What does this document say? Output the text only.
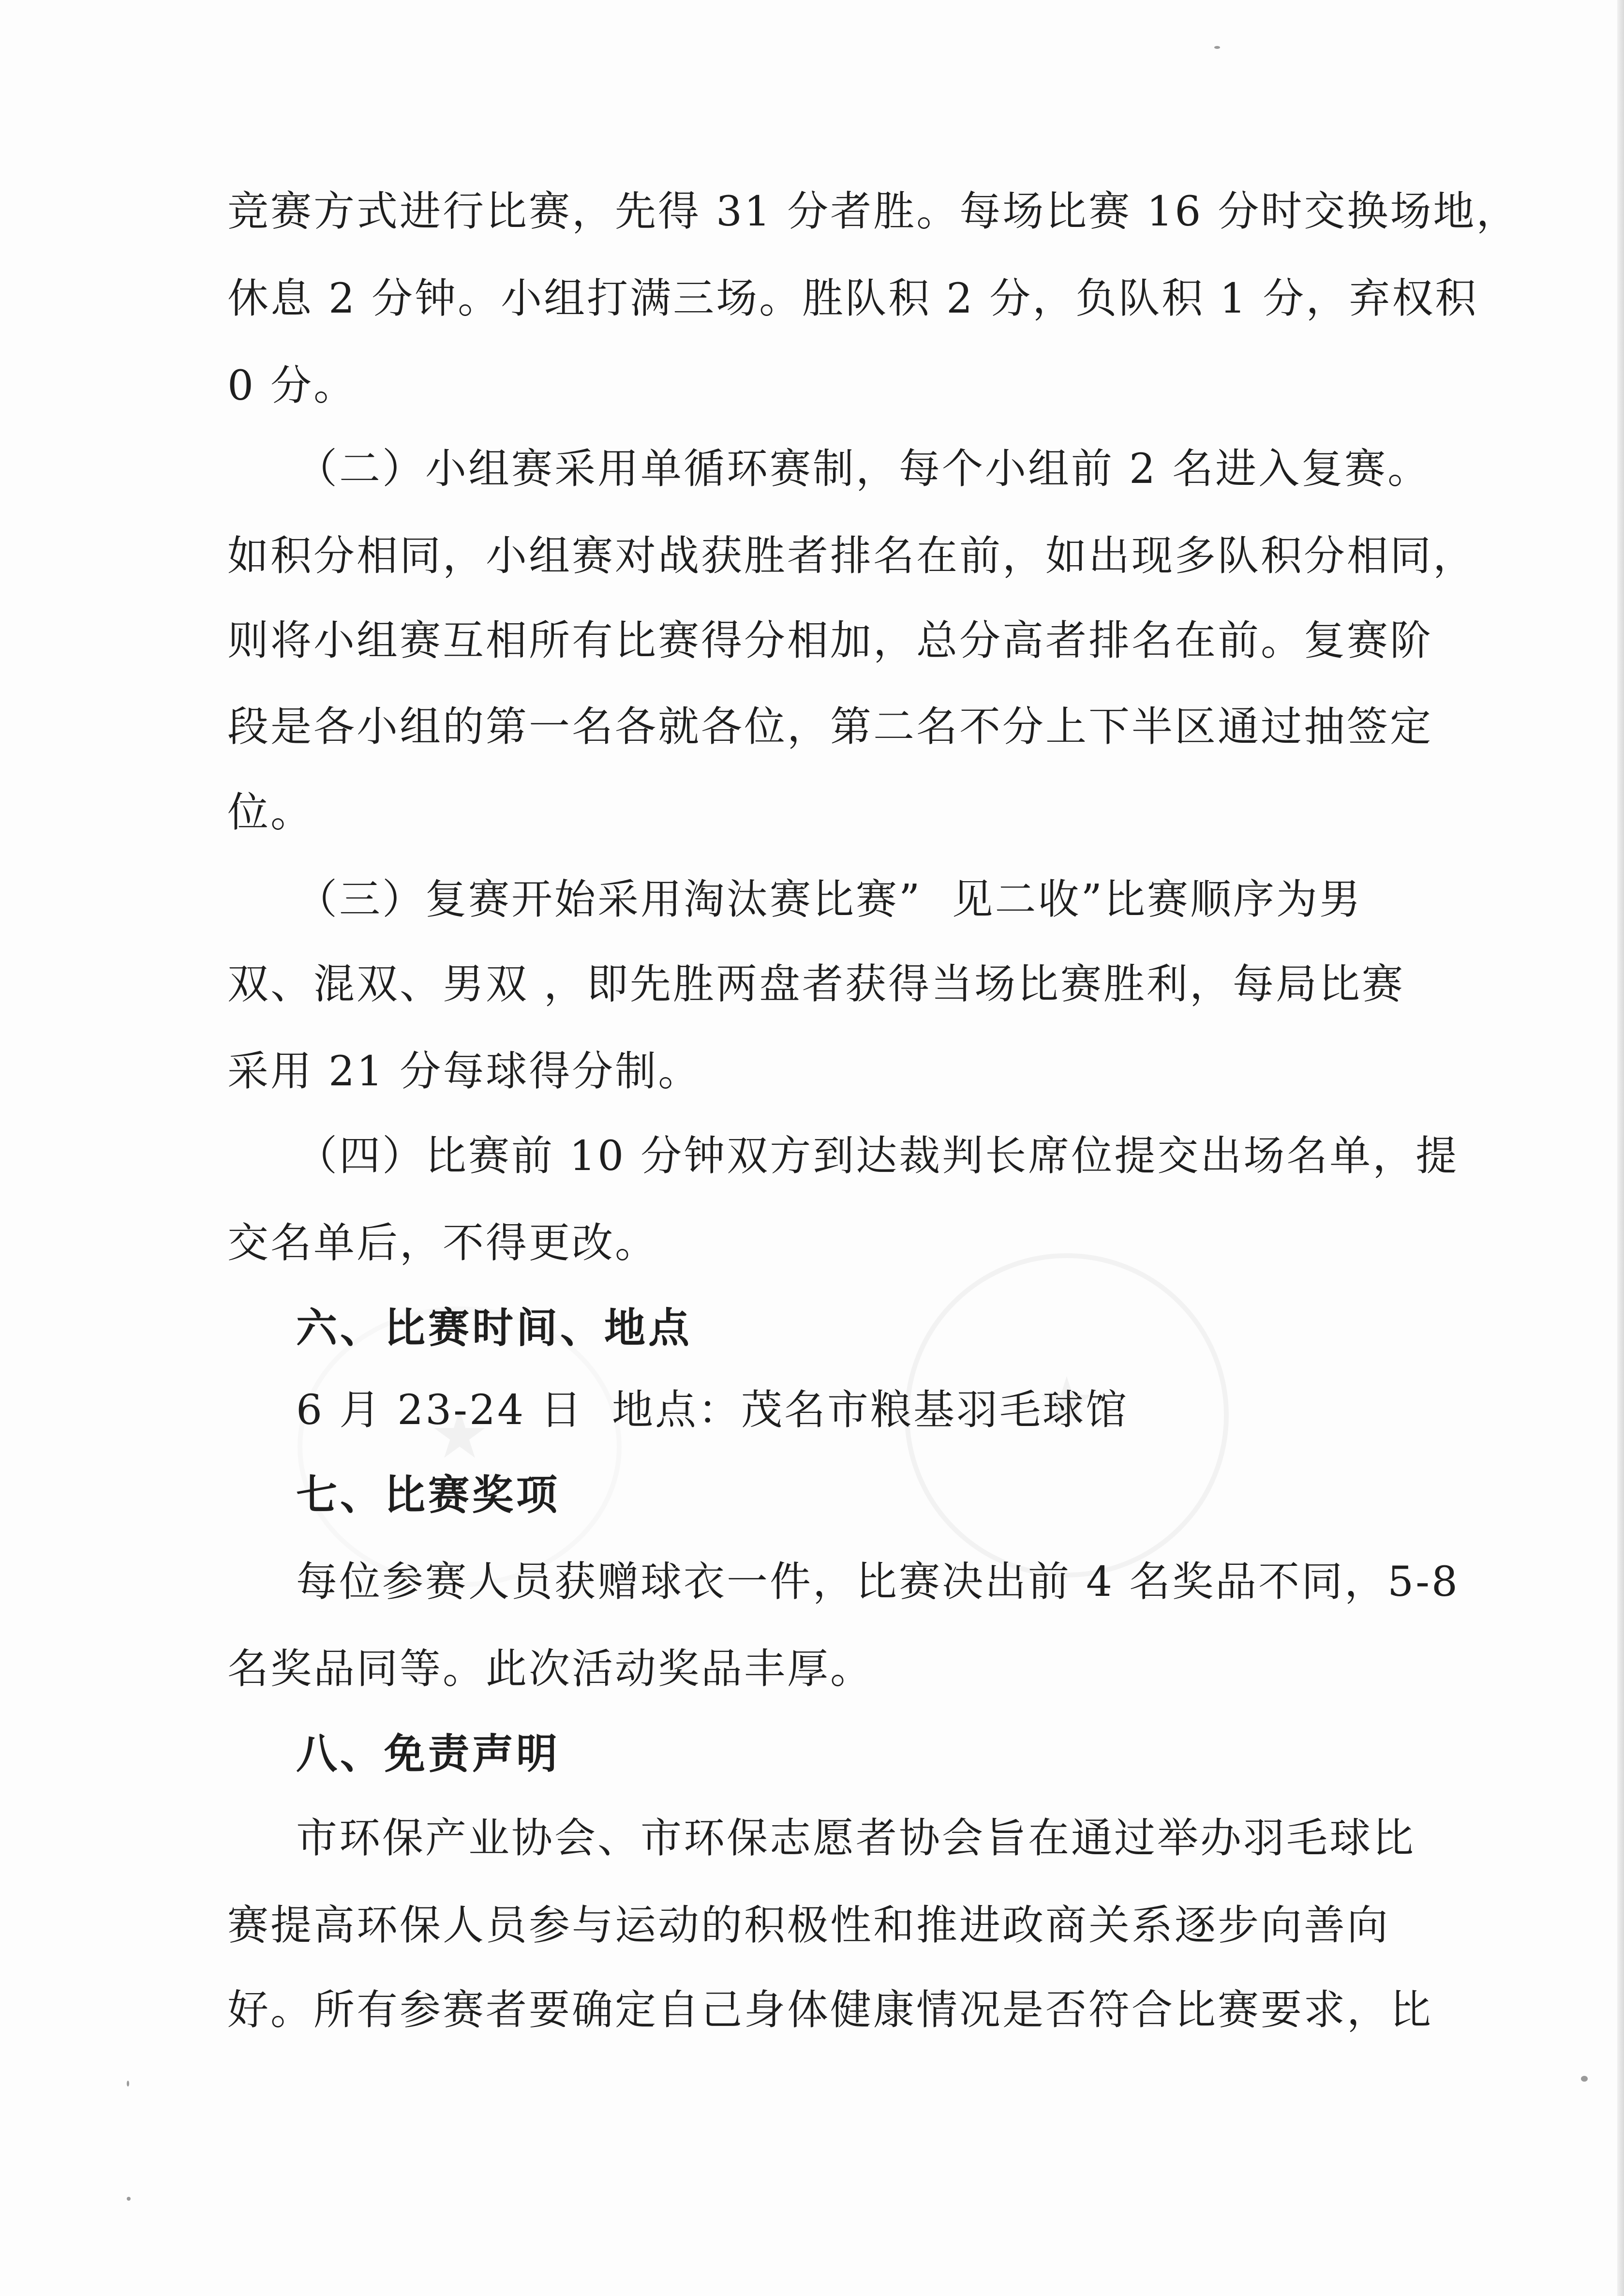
竞赛方式进行比赛，先得 31 分者胜。每场比赛 16 分时交换场地，
休息 2 分钟。小组打满三场。胜队积 2 分，负队积 1 分，弃权积
0 分。
（二）小组赛采用单循环赛制，每个小组前 2 名进入复赛。
如积分相同，小组赛对战获胜者排名在前，如出现多队积分相同，
则将小组赛互相所有比赛得分相加，总分高者排名在前。复赛阶
段是各小组的第一名各就各位，第二名不分上下半区通过抽签定
位。
（三）复赛开始采用淘汰赛比赛”  见二收”比赛顺序为男
双、混双、男双 ，即先胜两盘者获得当场比赛胜利，每局比赛
采用 21 分每球得分制。
（四）比赛前 10 分钟双方到达裁判长席位提交出场名单，提
交名单后，不得更改。
六、比赛时间、地点
6 月 23-24 日 地点：茂名市粮基羽毛球馆
七、比赛奖项
每位参赛人员获赠球衣一件，比赛决出前 4 名奖品不同，5-8
名奖品同等。此次活动奖品丰厚。
八、免责声明
市环保产业协会、市环保志愿者协会旨在通过举办羽毛球比
赛提高环保人员参与运动的积极性和推进政商关系逐步向善向
好。所有参赛者要确定自己身体健康情况是否符合比赛要求，比
